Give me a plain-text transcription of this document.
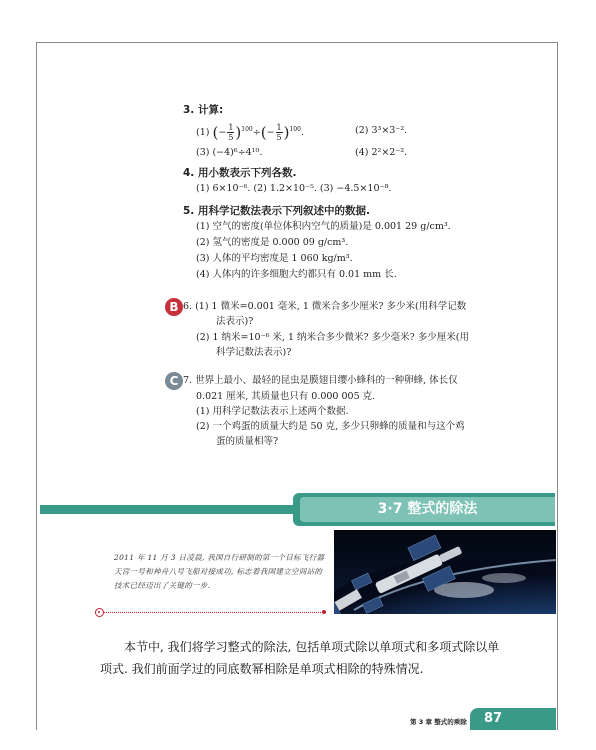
3. 计算:
(1) (− $\frac{1}{5} )^{100}\div(- \frac{1}{5} )^{100}$.	(2) 3³×3⁻².
(3) (−4)⁶÷4¹⁰.	(4) 2²×2⁻².
4. 用小数表示下列各数.
(1) 6×10⁻⁶. (2) 1.2×10⁻⁵. (3) −4.5×10⁻⁸.
5. 用科学记数法表示下列叙述中的数据.
(1) 空气的密度(单位体积内空气的质量)是 0.001 29 g/cm³.
(2) 氢气的密度是 0.000 09 g/cm³.
(3) 人体的平均密度是 1 060 kg/m³.
(4) 人体内的许多细胞大约都只有 0.01 mm 长.
B 6. (1) 1 微米=0.001 毫米, 1 微米合多少厘米? 多少米(用科学记数
法表示)?
(2) 1 纳米=10⁻⁶ 米, 1 纳米合多少微米? 多少毫米? 多少厘米(用
科学记数法表示)?
C 7. 世界上最小、最轻的昆虫是膜翅目缨小蜂科的一种卵蜂, 体长仅
0.021 厘米, 其质量也只有 0.000 005 克.
(1) 用科学记数法表示上述两个数据.
(2) 一个鸡蛋的质量大约是 50 克, 多少只卵蜂的质量和与这个鸡
蛋的质量相等?
3·7 整式的除法
2011 年 11 月 3 日凌晨, 我国自行研制的第一个目标飞行器天宫一号和神舟八号飞船对接成功, 标志着我国建立空间站的技术已经迈出了关键的一步.
本节中, 我们将学习整式的除法, 包括单项式除以单项式和多项式除以单项式. 我们前面学过的同底数幂相除是单项式相除的特殊情况.
第 3 章 整式的乘除 87
